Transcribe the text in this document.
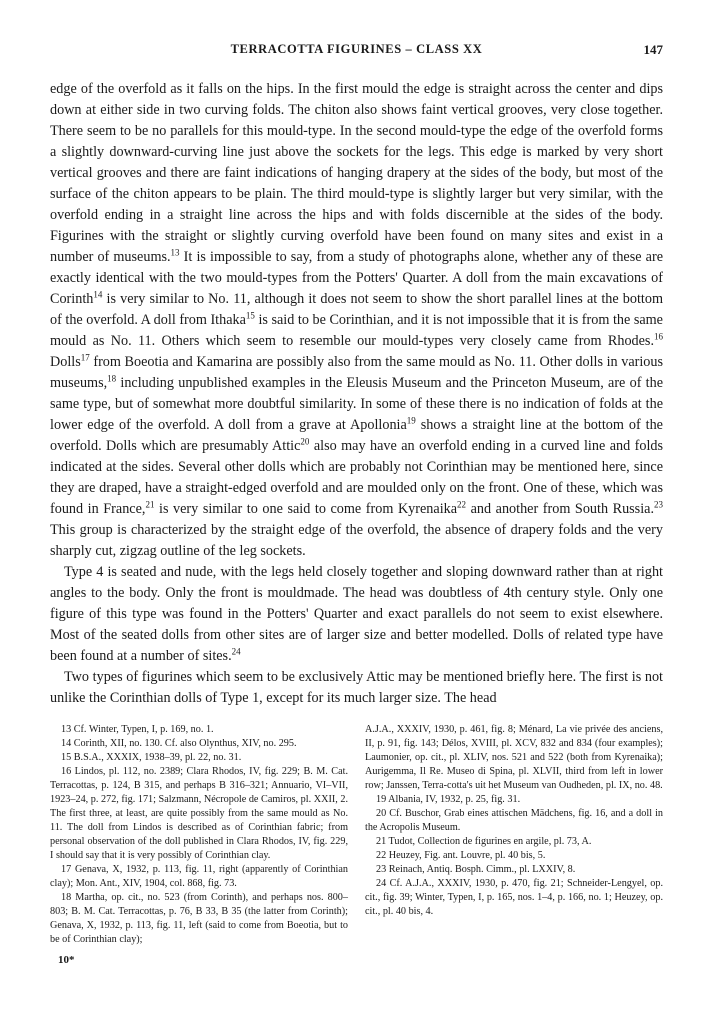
TERRACOTTA FIGURINES – CLASS XX	147

edge of the overfold as it falls on the hips. In the first mould the edge is straight across the center and dips down at either side in two curving folds. The chiton also shows faint vertical grooves, very close together. There seem to be no parallels for this mould-type. In the second mould-type the edge of the overfold forms a slightly downward-curving line just above the sockets for the legs. This edge is marked by very short vertical grooves and there are faint indications of hanging drapery at the sides of the body, but most of the surface of the chiton appears to be plain. The third mould-type is slightly larger but very similar, with the overfold ending in a straight line across the hips and with folds discernible at the sides of the body. Figurines with the straight or slightly curving overfold have been found on many sites and exist in a number of museums.$^{13}$ It is impossible to say, from a study of photographs alone, whether any of these are exactly identical with the two mould-types from the Potters' Quarter. A doll from the main excavations of Corinth$^{14}$ is very similar to No. 11, although it does not seem to show the short parallel lines at the bottom of the overfold. A doll from Ithaka$^{15}$ is said to be Corinthian, and it is not impossible that it is from the same mould as No. 11. Others which seem to resemble our mould-types very closely came from Rhodes.$^{16}$ Dolls$^{17}$ from Boeotia and Kamarina are possibly also from the same mould as No. 11. Other dolls in various museums,$^{18}$ including unpublished examples in the Eleusis Museum and the Princeton Museum, are of the same type, but of somewhat more doubtful similarity. In some of these there is no indication of folds at the lower edge of the overfold. A doll from a grave at Apollonia$^{19}$ shows a straight line at the bottom of the overfold. Dolls which are presumably Attic$^{20}$ also may have an overfold ending in a curved line and folds indicated at the sides. Several other dolls which are probably not Corinthian may be mentioned here, since they are draped, have a straight-edged overfold and are moulded only on the front. One of these, which was found in France,$^{21}$ is very similar to one said to come from Kyrenaika$^{22}$ and another from South Russia.$^{23}$ This group is characterized by the straight edge of the overfold, the absence of drapery folds and the very sharply cut, zigzag outline of the leg sockets.

Type 4 is seated and nude, with the legs held closely together and sloping downward rather than at right angles to the body. Only the front is mouldmade. The head was doubtless of 4th century style. Only one figure of this type was found in the Potters' Quarter and exact parallels do not seem to exist elsewhere. Most of the seated dolls from other sites are of larger size and better modelled. Dolls of related type have been found at a number of sites.$^{24}$

Two types of figurines which seem to be exclusively Attic may be mentioned briefly here. The first is not unlike the Corinthian dolls of Type 1, except for its much larger size. The head

13 Cf. Winter, Typen, I, p. 169, no. 1.

14 Corinth, XII, no. 130. Cf. also Olynthus, XIV, no. 295.

15 B.S.A., XXXIX, 1938–39, pl. 22, no. 31.

16 Lindos, pl. 112, no. 2389; Clara Rhodos, IV, fig. 229; B. M. Cat. Terracottas, p. 124, B 315, and perhaps B 316–321; Annuario, VI–VII, 1923–24, p. 272, fig. 171; Salzmann, Nécropole de Camiros, pl. XXII, 2. The first three, at least, are quite possibly from the same mould as No. 11. The doll from Lindos is described as of Corinthian fabric; from personal observation of the doll published in Clara Rhodos, IV, fig. 229, I should say that it is very possibly of Corinthian clay.

17 Genava, X, 1932, p. 113, fig. 11, right (apparently of Corinthian clay); Mon. Ant., XIV, 1904, col. 868, fig. 73.

18 Martha, op. cit., no. 523 (from Corinth), and perhaps nos. 800–803; B. M. Cat. Terracottas, p. 76, B 33, B 35 (the latter from Corinth); Genava, X, 1932, p. 113, fig. 11, left (said to come from Boeotia, but to be of Corinthian clay);

10*

A.J.A., XXXIV, 1930, p. 461, fig. 8; Ménard, La vie privée des anciens, II, p. 91, fig. 143; Délos, XVIII, pl. XCV, 832 and 834 (four examples); Laumonier, op. cit., pl. XLIV, nos. 521 and 522 (both from Kyrenaika); Aurigemma, Il Re. Museo di Spina, pl. XLVII, third from left in lower row; Janssen, Terra-cotta's uit het Museum van Oudheden, pl. IX, no. 48.

19 Albania, IV, 1932, p. 25, fig. 31.

20 Cf. Buschor, Grab eines attischen Mädchens, fig. 16, and a doll in the Acropolis Museum.

21 Tudot, Collection de figurines en argile, pl. 73, A.

22 Heuzey, Fig. ant. Louvre, pl. 40 bis, 5.

23 Reinach, Antiq. Bosph. Cimm., pl. LXXIV, 8.

24 Cf. A.J.A., XXXIV, 1930, p. 470, fig. 21; Schneider-Lengyel, op. cit., fig. 39; Winter, Typen, I, p. 165, nos. 1–4, p. 166, no. 1; Heuzey, op. cit., pl. 40 bis, 4.
